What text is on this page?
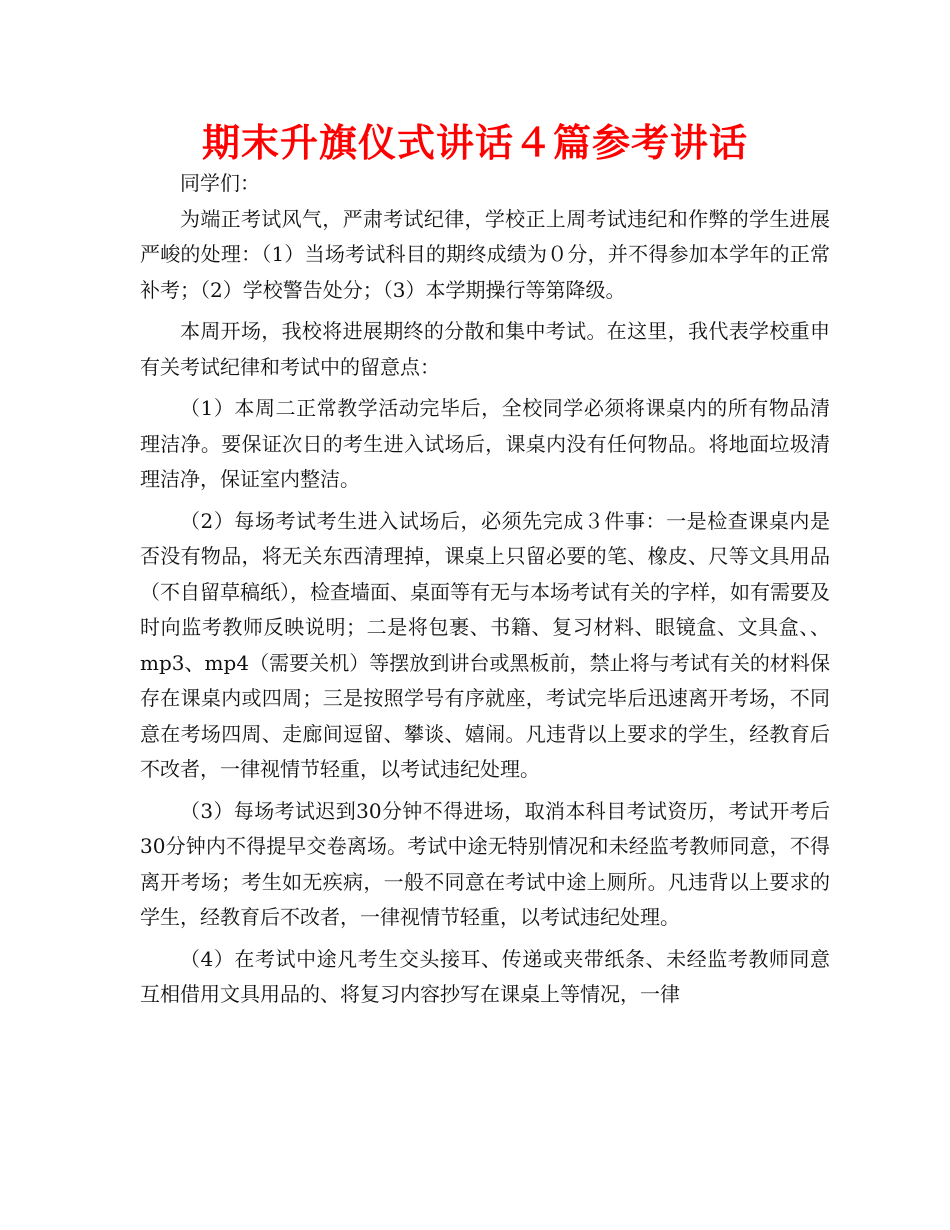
期末升旗仪式讲话４篇参考讲话

同学们：

为端正考试风气，严肃考试纪律，学校正上周考试违纪和作弊的学生进展严峻的处理：（1）当场考试科目的期终成绩为０分，并不得参加本学年的正常补考；（2）学校警告处分；（3）本学期操行等第降级。

本周开场，我校将进展期终的分散和集中考试。在这里，我代表学校重申有关考试纪律和考试中的留意点：

（1）本周二正常教学活动完毕后，全校同学必须将课桌内的所有物品清理洁净。要保证次日的考生进入试场后，课桌内没有任何物品。将地面垃圾清理洁净，保证室内整洁。

（2）每场考试考生进入试场后，必须先完成３件事：一是检查课桌内是否没有物品，将无关东西清理掉，课桌上只留必要的笔、橡皮、尺等文具用品（不自留草稿纸），检查墙面、桌面等有无与本场考试有关的字样，如有需要及时向监考教师反映说明；二是将包裹、书籍、复习材料、眼镜盒、文具盒、、mp3、mp4（需要关机）等摆放到讲台或黑板前，禁止将与考试有关的材料保存在课桌内或四周；三是按照学号有序就座，考试完毕后迅速离开考场，不同意在考场四周、走廊间逗留、攀谈、嬉闹。凡违背以上要求的学生，经教育后不改者，一律视情节轻重，以考试违纪处理。

（3）每场考试迟到30分钟不得进场，取消本科目考试资历，考试开考后30分钟内不得提早交卷离场。考试中途无特别情况和未经监考教师同意，不得离开考场；考生如无疾病，一般不同意在考试中途上厕所。凡违背以上要求的学生，经教育后不改者，一律视情节轻重，以考试违纪处理。

（4）在考试中途凡考生交头接耳、传递或夹带纸条、未经监考教师同意互相借用文具用品的、将复习内容抄写在课桌上等情况，一律
